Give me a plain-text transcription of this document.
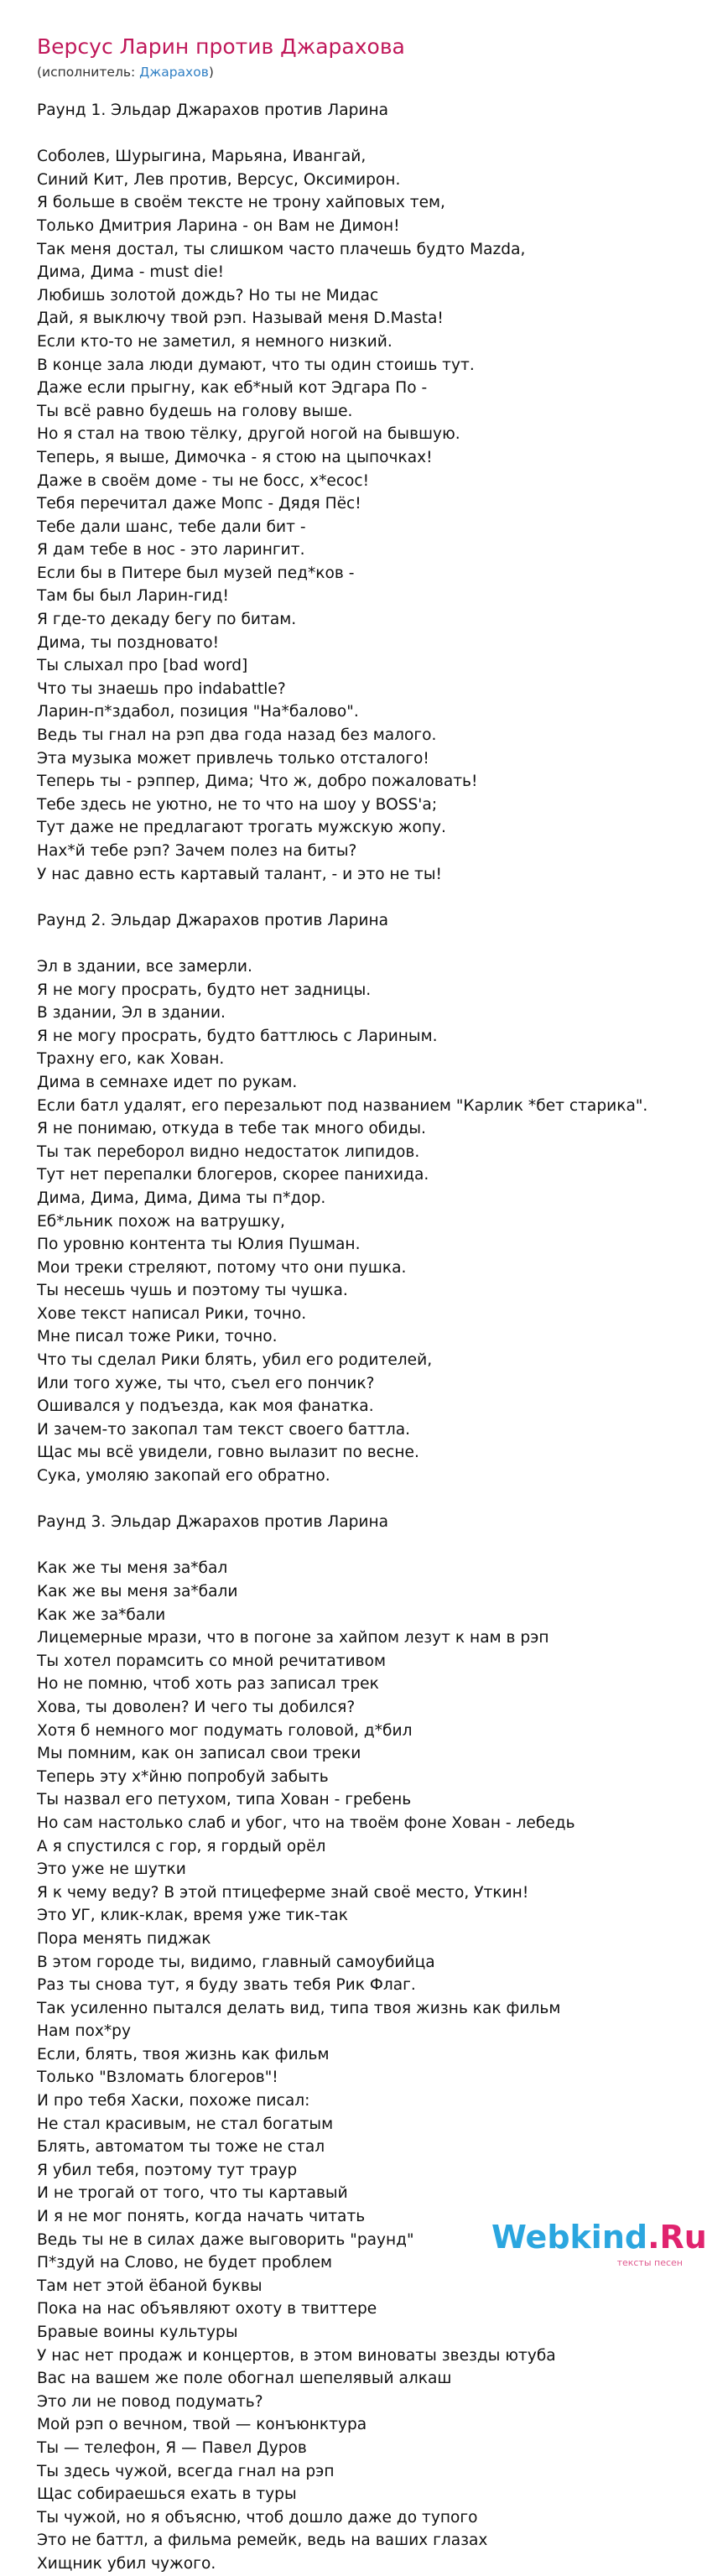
Версус Ларин против Джарахова
(исполнитель: Джарахов)
Раунд 1. Эльдар Джарахов против Ларина
Соболев, Шурыгина, Марьяна, Ивангай,
Синий Кит, Лев против, Версус, Оксимирон.
Я больше в своём тексте не трону хайповых тем,
Только Дмитрия Ларина - он Вам не Димон!
Так меня достал, ты слишком часто плачешь будто Mazda,
Дима, Дима - must die!
Любишь золотой дождь? Но ты не Мидас
Дай, я выключу твой рэп. Называй меня D.Masta!
Если кто-то не заметил, я немного низкий.
В конце зала люди думают, что ты один стоишь тут.
Даже если прыгну, как еб*ный кот Эдгара По -
Ты всё равно будешь на голову выше.
Но я стал на твою тёлку, другой ногой на бывшую.
Теперь, я выше, Димочка - я стою на цыпочках!
Даже в своём доме - ты не босс, х*есос!
Тебя перечитал даже Мопс - Дядя Пёс!
Тебе дали шанс, тебе дали бит -
Я дам тебе в нос - это ларингит.
Если бы в Питере был музей пед*ков -
Там бы был Ларин-гид!
Я где-то декаду бегу по битам.
Дима, ты поздновато!
Ты слыхал про [bad word]
Что ты знаешь про indabattle?
Ларин-п*здабол, позиция "На*балово".
Ведь ты гнал на рэп два года назад без малого.
Эта музыка может привлечь только отсталого!
Теперь ты - рэппер, Дима; Что ж, добро пожаловать!
Тебе здесь не уютно, не то что на шоу у BOSS'а;
Тут даже не предлагают трогать мужскую жопу.
Нах*й тебе рэп? Зачем полез на биты?
У нас давно есть картавый талант, - и это не ты!
Раунд 2. Эльдар Джарахов против Ларина
Эл в здании, все замерли.
Я не могу просрать, будто нет задницы.
В здании, Эл в здании.
Я не могу просрать, будто баттлюсь с Лариным.
Трахну его, как Хован.
Дима в семнахе идет по рукам.
Если батл удалят, его перезальют под названием "Карлик *бет старика".
Я не понимаю, откуда в тебе так много обиды.
Ты так переборол видно недостаток липидов.
Тут нет перепалки блогеров, скорее панихида.
Дима, Дима, Дима, Дима ты п*дор.
Еб*льник похож на ватрушку,
По уровню контента ты Юлия Пушман.
Мои треки стреляют, потому что они пушка.
Ты несешь чушь и поэтому ты чушка.
Хове текст написал Рики, точно.
Мне писал тоже Рики, точно.
Что ты сделал Рики блять, убил его родителей,
Или того хуже, ты что, съел его пончик?
Ошивался у подъезда, как моя фанатка.
И зачем-то закопал там текст своего баттла.
Щас мы всё увидели, говно вылазит по весне.
Сука, умоляю закопай его обратно.
Раунд 3. Эльдар Джарахов против Ларина
Как же ты меня за*бал
Как же вы меня за*бали
Как же за*бали
Лицемерные мрази, что в погоне за хайпом лезут к нам в рэп
Ты хотел порамсить со мной речитативом
Но не помню, чтоб хоть раз записал трек
Хова, ты доволен? И чего ты добился?
Хотя б немного мог подумать головой, д*бил
Мы помним, как он записал свои треки
Теперь эту х*йню попробуй забыть
Ты назвал его петухом, типа Хован - гребень
Но сам настолько слаб и убог, что на твоём фоне Хован - лебедь
А я спустился с гор, я гордый орёл
Это уже не шутки
Я к чему веду? В этой птицеферме знай своё место, Уткин!
Это УГ, клик-клак, время уже тик-так
Пора менять пиджак
В этом городе ты, видимо, главный самоубийца
Раз ты снова тут, я буду звать тебя Рик Флаг.
Так усиленно пытался делать вид, типа твоя жизнь как фильм
Нам пох*ру
Если, блять, твоя жизнь как фильм
Только "Взломать блогеров"!
И про тебя Хаски, похоже писал:
Не стал красивым, не стал богатым
Блять, автоматом ты тоже не стал
Я убил тебя, поэтому тут траур
И не трогай от того, что ты картавый
И я не мог понять, когда начать читать
Ведь ты не в силах даже выговорить "раунд"
П*здуй на Слово, не будет проблем
Там нет этой ёбаной буквы
Пока на нас объявляют охоту в твиттере
Бравые воины культуры
У нас нет продаж и концертов, в этом виноваты звезды ютуба
Вас на вашем же поле обогнал шепелявый алкаш
Это ли не повод подумать?
Мой рэп о вечном, твой — конъюнктура
Ты — телефон, Я — Павел Дуров
Ты здесь чужой, всегда гнал на рэп
Щас собираешься ехать в туры
Ты чужой, но я объясню, чтоб дошло даже до тупого
Это не баттл, а фильма ремейк, ведь на ваших глазах
Хищник убил чужого.
Webkind.Ru
тексты песен
